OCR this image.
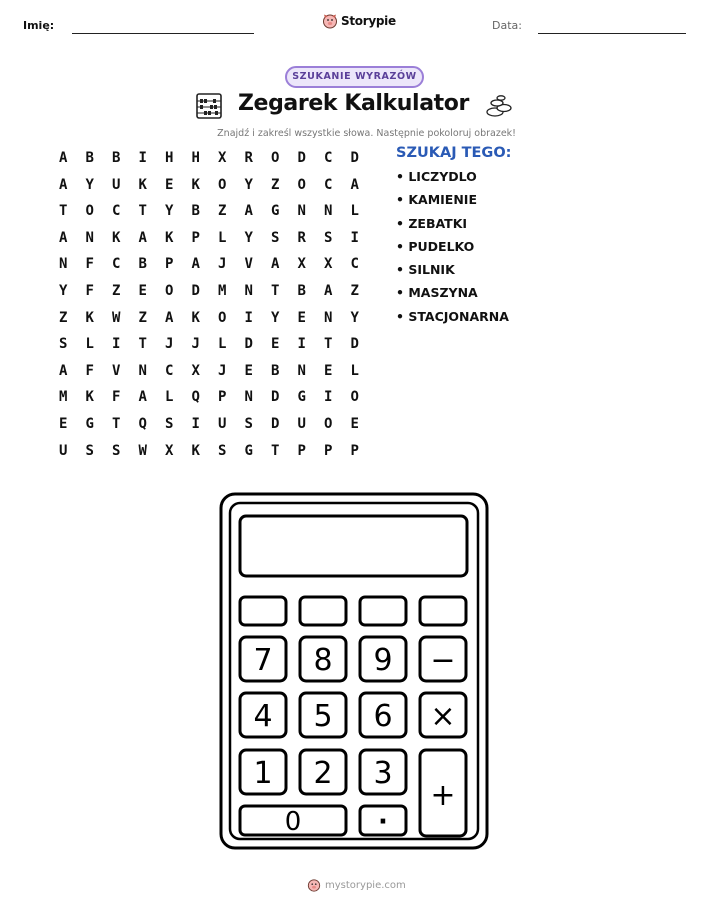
Imię:	Storypie	Data:
SZUKANIE WYRAZÓW
Zegarek Kalkulator
Znajdź i zakreśl wszystkie słowa. Następnie pokoloruj obrazek!
A	B	B	I	H	H	X	R	O	D	C	D
A	Y	U	K	E	K	O	Y	Z	O	C	A
T	O	C	T	Y	B	Z	A	G	N	N	L
A	N	K	A	K	P	L	Y	S	R	S	I
N	F	C	B	P	A	J	V	A	X	X	C
Y	F	Z	E	O	D	M	N	T	B	A	Z
Z	K	W	Z	A	K	O	I	Y	E	N	Y
S	L	I	T	J	J	L	D	E	I	T	D
A	F	V	N	C	X	J	E	B	N	E	L
M	K	F	A	L	Q	P	N	D	G	I	O
E	G	T	Q	S	I	U	S	D	U	O	E
U	S	S	W	X	K	S	G	T	P	P	P
SZUKAJ TEGO:
• LICZYDLO
• KAMIENIE
• ZEBATKI
• PUDELKO
• SILNIK
• MASZYNA
• STACJONARNA
7 8 9 −
4 5 6 ×
1 2 3
+
0	·
mystorypie.com
